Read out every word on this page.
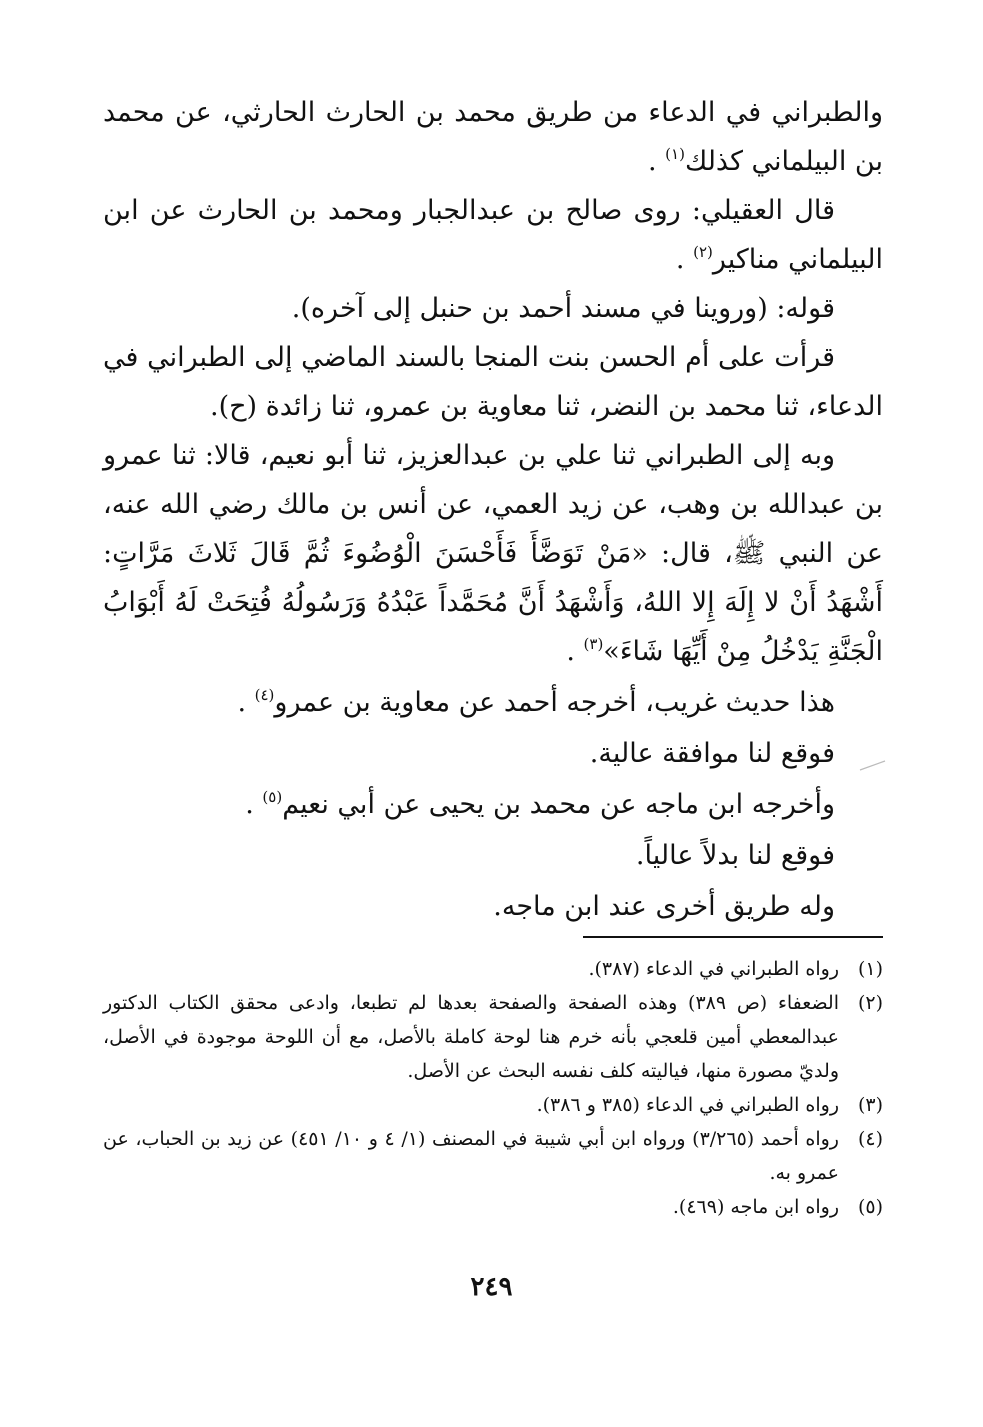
والطبراني في الدعاء من طريق محمد بن الحارث الحارثي، عن محمد بن البيلماني كذلك$^{(١)}$ .

قال العقيلي: روى صالح بن عبدالجبار ومحمد بن الحارث عن ابن البيلماني مناكير$^{(٢)}$ .

قوله: (وروينا في مسند أحمد بن حنبل إلى آخره).

قرأت على أم الحسن بنت المنجا بالسند الماضي إلى الطبراني في الدعاء، ثنا محمد بن النضر، ثنا معاوية بن عمرو، ثنا زائدة (ح).

وبه إلى الطبراني ثنا علي بن عبدالعزيز، ثنا أبو نعيم، قالا: ثنا عمرو بن عبدالله بن وهب، عن زيد العمي، عن أنس بن مالك رضي الله عنه، عن النبي ﷺ، قال: «مَنْ تَوَضَّأَ فَأَحْسَنَ الْوُضُوءَ ثُمَّ قَالَ ثَلاثَ مَرَّاتٍ: أَشْهَدُ أَنْ لا إِلَهَ إِلا اللهُ، وَأَشْهَدُ أَنَّ مُحَمَّداً عَبْدُهُ وَرَسُولُهُ فُتِحَتْ لَهُ أَبْوَابُ الْجَنَّةِ يَدْخُلُ مِنْ أَيِّهَا شَاءَ»$^{(٣)}$ .

هذا حديث غريب، أخرجه أحمد عن معاوية بن عمرو$^{(٤)}$ .

فوقع لنا موافقة عالية.

وأخرجه ابن ماجه عن محمد بن يحيى عن أبي نعيم$^{(٥)}$ .

فوقع لنا بدلاً عالياً.

وله طريق أخرى عند ابن ماجه.

(١)
رواه الطبراني في الدعاء (٣٨٧).
(٢)
الضعفاء (ص ٣٨٩) وهذه الصفحة والصفحة بعدها لم تطبعا، وادعى محقق الكتاب الدكتور عبدالمعطي أمين قلعجي بأنه خرم هنا لوحة كاملة بالأصل، مع أن اللوحة موجودة في الأصل، ولديّ مصورة منها، فياليته كلف نفسه البحث عن الأصل.
(٣)
رواه الطبراني في الدعاء (٣٨٥ و ٣٨٦).
(٤)
رواه أحمد (٣/٢٦٥) ورواه ابن أبي شيبة في المصنف (١/ ٤ و ١٠/ ٤٥١) عن زيد بن الحباب، عن عمرو به.
(٥)
رواه ابن ماجه (٤٦٩).
٢٤٩
